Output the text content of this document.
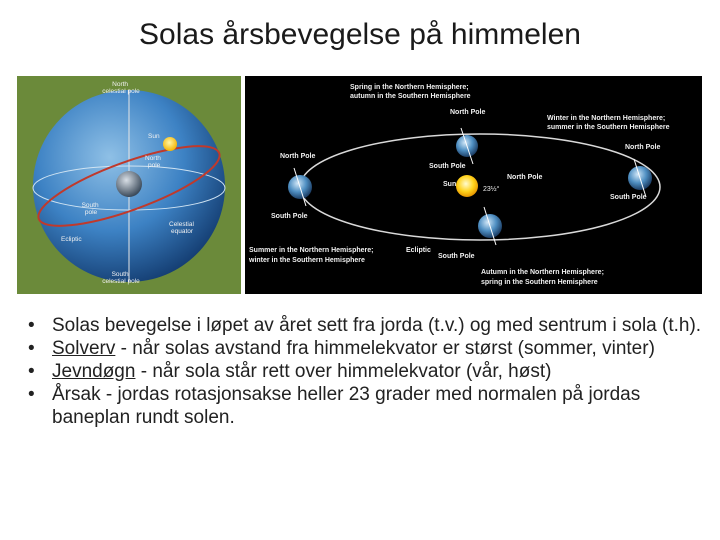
Solas årsbevegelse på himmelen
North celestial pole
Sun
North pole
South pole
Ecliptic
Celestial equator
South celestial pole
Spring in the Northern Hemisphere; autumn in the Southern Hemisphere
Winter in the Northern Hemisphere; summer in the Southern Hemisphere
Summer in the Northern Hemisphere; winter in the Southern Hemisphere
Autumn in the Northern Hemisphere; spring in the Southern Hemisphere
North Pole
South Pole
North Pole
South Pole
North Pole
South Pole
North Pole
South Pole
Sun
23½°
Ecliptic
• Solas bevegelse i løpet av året sett fra jorda (t.v.) og med sentrum i sola (t.h).
• Solverv - når solas avstand fra himmelekvator er størst (sommer, vinter)
• Jevndøgn - når sola står rett over himmelekvator (vår, høst)
• Årsak - jordas rotasjonsakse heller 23 grader med normalen på jordas baneplan rundt solen.
